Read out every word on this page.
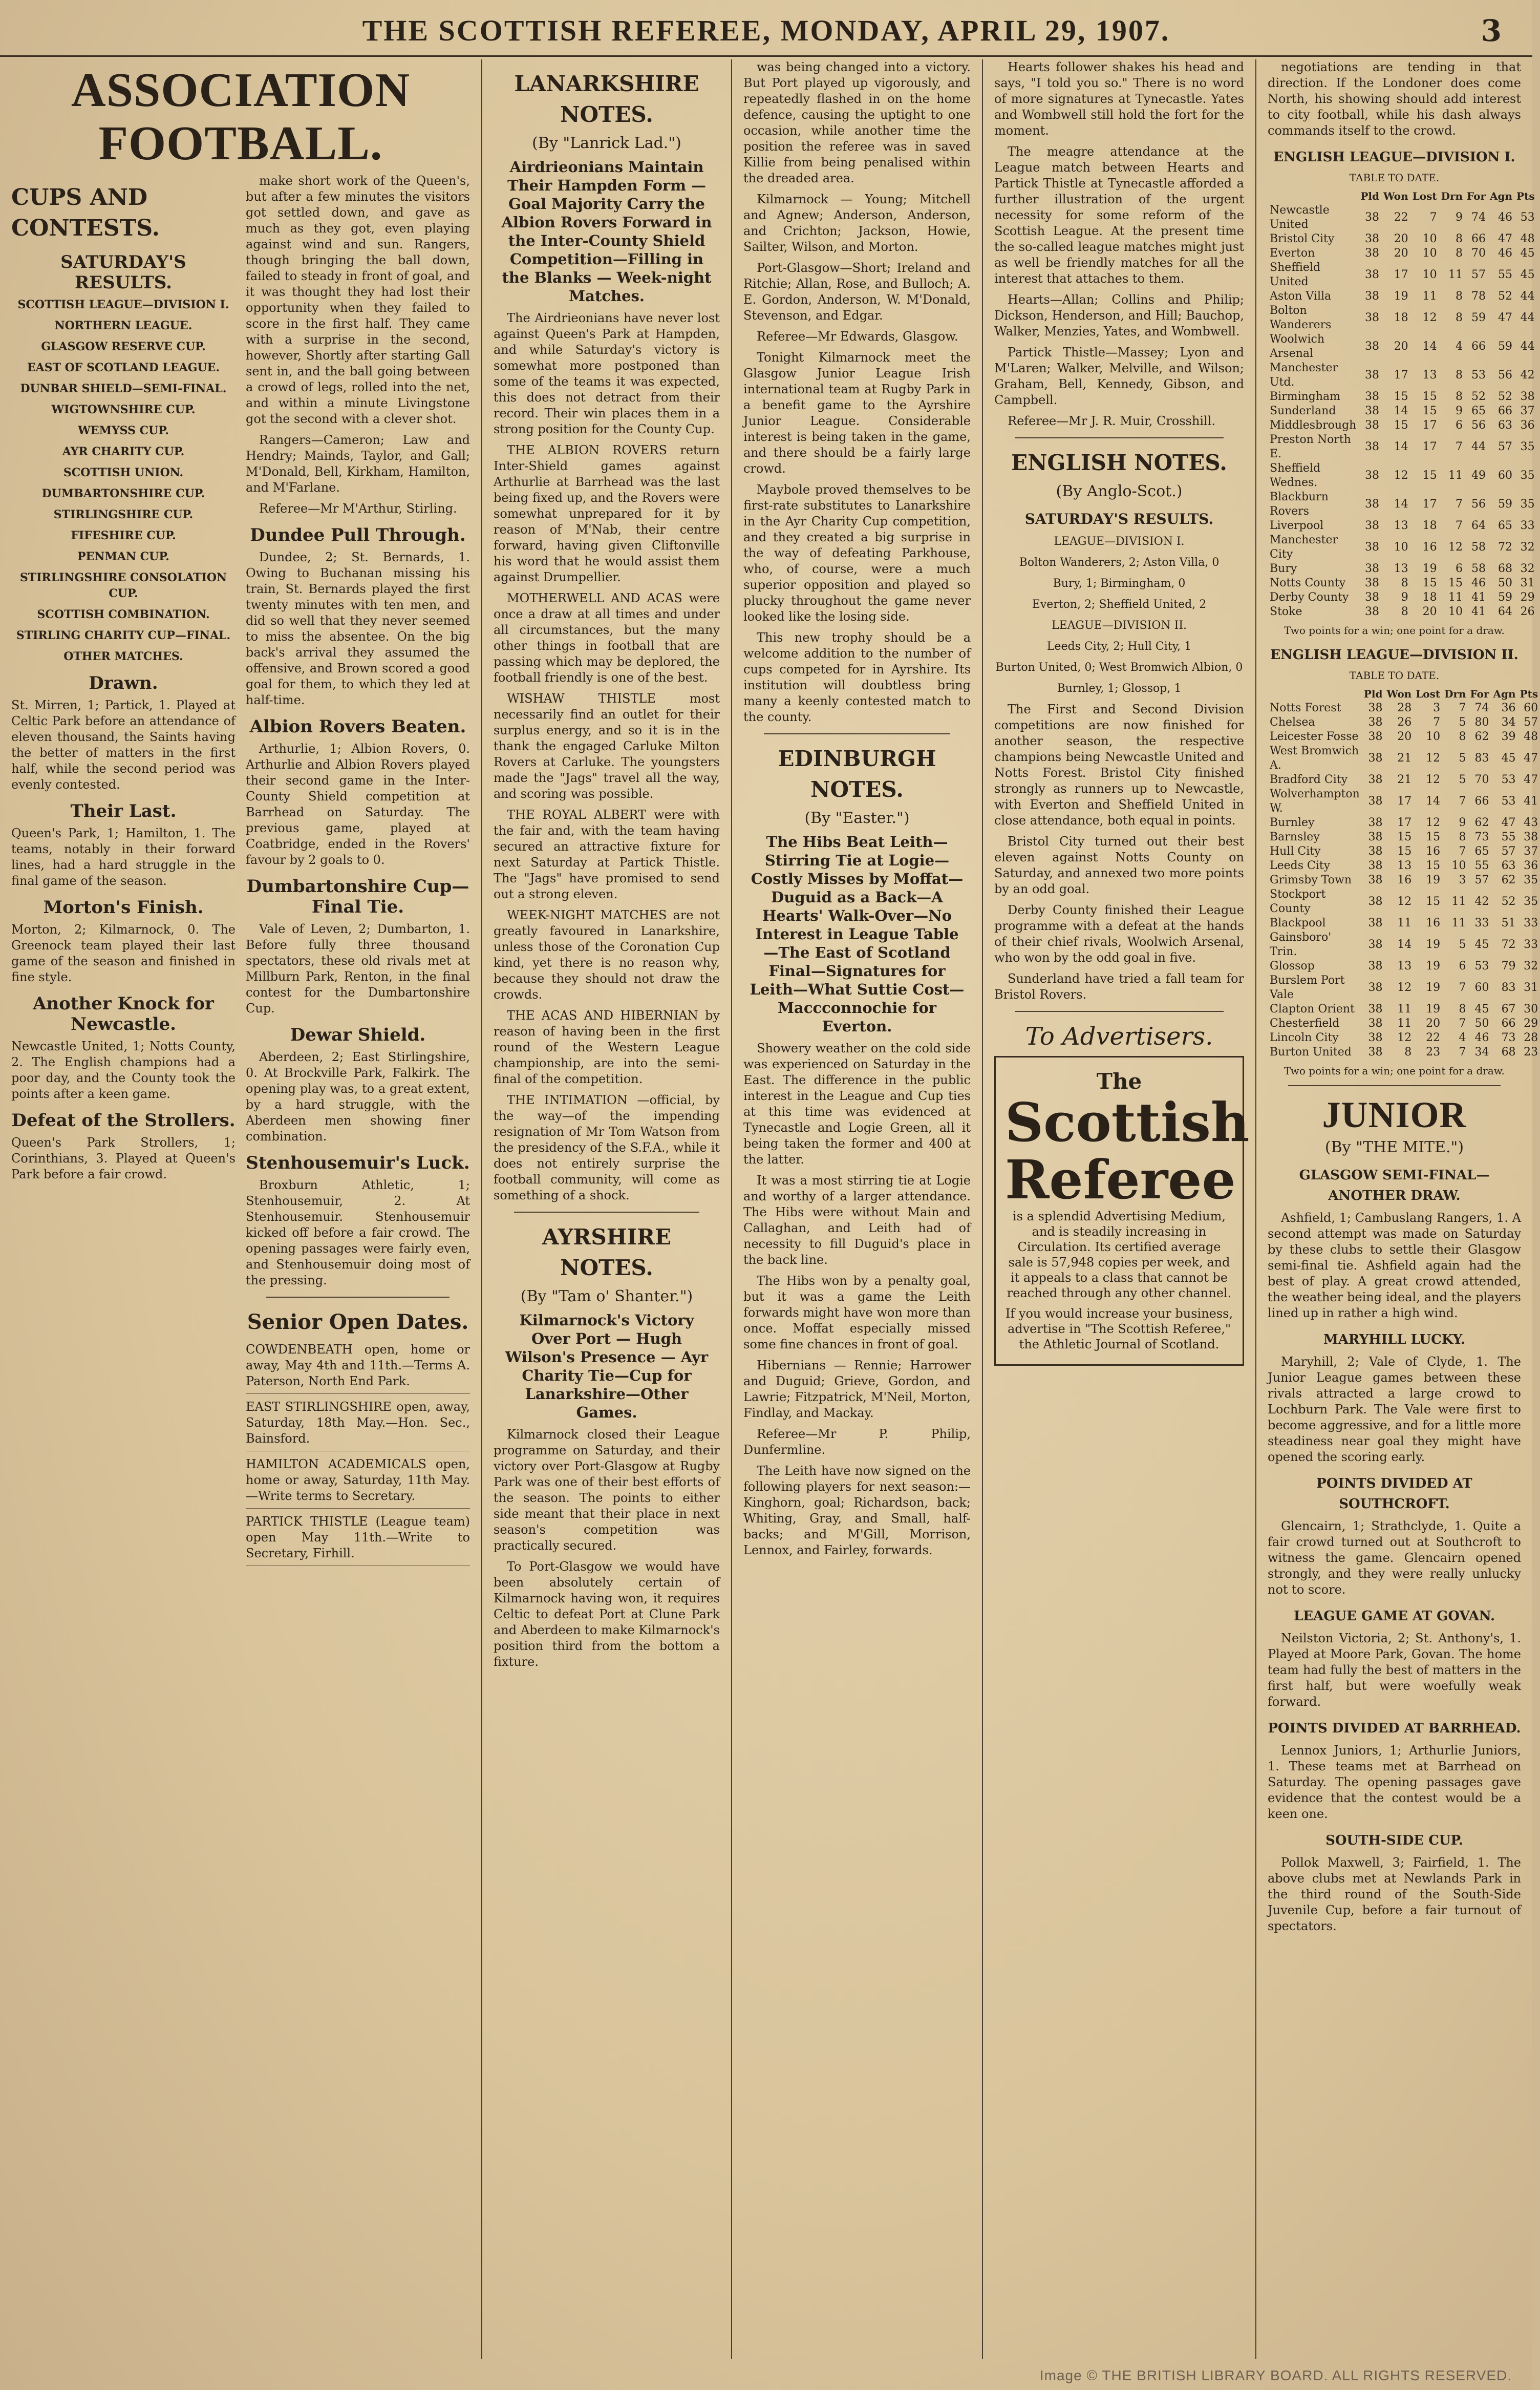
THE SCOTTISH REFEREE, MONDAY, APRIL 29, 1907.	3
ASSOCIATION FOOTBALL.
CUPS AND CONTESTS.
SATURDAY'S RESULTS.

SCOTTISH LEAGUE—DIVISION I.

NORTHERN LEAGUE.

GLASGOW RESERVE CUP.

EAST OF SCOTLAND LEAGUE.

DUNBAR SHIELD—SEMI-FINAL.

WIGTOWNSHIRE CUP.

WEMYSS CUP.

AYR CHARITY CUP.

SCOTTISH UNION.

DUMBARTONSHIRE CUP.

STIRLINGSHIRE CUP.

FIFESHIRE CUP.

PENMAN CUP.

STIRLINGSHIRE CONSOLATION CUP.

SCOTTISH COMBINATION.

STIRLING CHARITY CUP—FINAL.

OTHER MATCHES.

Drawn.

St. Mirren, 1; Partick, 1. Played at Celtic Park before an attendance of eleven thousand, the Saints having the better of matters in the first half, while the second period was evenly contested.

Their Last.

Queen's Park, 1; Hamilton, 1. The teams, notably in their forward lines, had a hard struggle in the final game of the season.

Morton's Finish.

Morton, 2; Kilmarnock, 0. The Greenock team played their last game of the season and finished in fine style.

Another Knock for Newcastle.

Newcastle United, 1; Notts County, 2. The English champions had a poor day, and the County took the points after a keen game.

Defeat of the Strollers.

Queen's Park Strollers, 1; Corinthians, 3. Played at Queen's Park before a fair crowd.

make short work of the Queen's, but after a few minutes the visitors got settled down, and gave as much as they got, even playing against wind and sun. Rangers, though bringing the ball down, failed to steady in front of goal, and it was thought they had lost their opportunity when they failed to score in the first half. They came with a surprise in the second, however, Shortly after starting Gall sent in, and the ball going between a crowd of legs, rolled into the net, and within a minute Livingstone got the second with a clever shot.

Rangers—Cameron; Law and Hendry; Mainds, Taylor, and Gall; M'Donald, Bell, Kirkham, Hamilton, and M'Farlane.

Referee—Mr M'Arthur, Stirling.

Dundee Pull Through.

Dundee, 2; St. Bernards, 1. Owing to Buchanan missing his train, St. Bernards played the first twenty minutes with ten men, and did so well that they never seemed to miss the absentee. On the big back's arrival they assumed the offensive, and Brown scored a good goal for them, to which they led at half-time.

Albion Rovers Beaten.

Arthurlie, 1; Albion Rovers, 0. Arthurlie and Albion Rovers played their second game in the Inter-County Shield competition at Barrhead on Saturday. The previous game, played at Coatbridge, ended in the Rovers' favour by 2 goals to 0.

Dumbartonshire Cup—Final Tie.

Vale of Leven, 2; Dumbarton, 1. Before fully three thousand spectators, these old rivals met at Millburn Park, Renton, in the final contest for the Dumbartonshire Cup.

Dewar Shield.

Aberdeen, 2; East Stirlingshire, 0. At Brockville Park, Falkirk. The opening play was, to a great extent, by a hard struggle, with the Aberdeen men showing finer combination.

Stenhousemuir's Luck.

Broxburn Athletic, 1; Stenhousemuir, 2. At Stenhousemuir. Stenhousemuir kicked off before a fair crowd. The opening passages were fairly even, and Stenhousemuir doing most of the pressing.

Senior Open Dates.

COWDENBEATH open, home or away, May 4th and 11th.—Terms A. Paterson, North End Park.

EAST STIRLINGSHIRE open, away, Saturday, 18th May.—Hon. Sec., Bainsford.

HAMILTON ACADEMICALS open, home or away, Saturday, 11th May.—Write terms to Secretary.

PARTICK THISTLE (League team) open May 11th.—Write to Secretary, Firhill.

LANARKSHIRE NOTES.
(By "Lanrick Lad.")
Airdrieonians Maintain Their Hampden Form — Goal Majority Carry the Albion Rovers Forward in the Inter-County Shield Competition—Filling in the Blanks — Week-night Matches.

The Airdrieonians have never lost against Queen's Park at Hampden, and while Saturday's victory is somewhat more postponed than some of the teams it was expected, this does not detract from their record. Their win places them in a strong position for the County Cup.

THE ALBION ROVERS return Inter-Shield games against Arthurlie at Barrhead was the last being fixed up, and the Rovers were somewhat unprepared for it by reason of M'Nab, their centre forward, having given Cliftonville his word that he would assist them against Drumpellier.

MOTHERWELL AND ACAS were once a draw at all times and under all circumstances, but the many other things in football that are passing which may be deplored, the football friendly is one of the best.

WISHAW THISTLE most necessarily find an outlet for their surplus energy, and so it is in the thank the engaged Carluke Milton Rovers at Carluke. The youngsters made the "Jags" travel all the way, and scoring was possible.

THE ROYAL ALBERT were with the fair and, with the team having secured an attractive fixture for next Saturday at Partick Thistle. The "Jags" have promised to send out a strong eleven.

WEEK-NIGHT MATCHES are not greatly favoured in Lanarkshire, unless those of the Coronation Cup kind, yet there is no reason why, because they should not draw the crowds.

THE ACAS AND HIBERNIAN by reason of having been in the first round of the Western League championship, are into the semi-final of the competition.

THE INTIMATION —official, by the way—of the impending resignation of Mr Tom Watson from the presidency of the S.F.A., while it does not entirely surprise the football community, will come as something of a shock.

AYRSHIRE NOTES.
(By "Tam o' Shanter.")
Kilmarnock's Victory Over Port — Hugh Wilson's Presence — Ayr Charity Tie—Cup for Lanarkshire—Other Games.

Kilmarnock closed their League programme on Saturday, and their victory over Port-Glasgow at Rugby Park was one of their best efforts of the season. The points to either side meant that their place in next season's competition was practically secured.

To Port-Glasgow we would have been absolutely certain of Kilmarnock having won, it requires Celtic to defeat Port at Clune Park and Aberdeen to make Kilmarnock's position third from the bottom a fixture.

was being changed into a victory. But Port played up vigorously, and repeatedly flashed in on the home defence, causing the uptight to one occasion, while another time the position the referee was in saved Killie from being penalised within the dreaded area.

Kilmarnock — Young; Mitchell and Agnew; Anderson, Anderson, and Crichton; Jackson, Howie, Sailter, Wilson, and Morton.

Port-Glasgow—Short; Ireland and Ritchie; Allan, Rose, and Bulloch; A. E. Gordon, Anderson, W. M'Donald, Stevenson, and Edgar.

Referee—Mr Edwards, Glasgow.

Tonight Kilmarnock meet the Glasgow Junior League Irish international team at Rugby Park in a benefit game to the Ayrshire Junior League. Considerable interest is being taken in the game, and there should be a fairly large crowd.

Maybole proved themselves to be first-rate substitutes to Lanarkshire in the Ayr Charity Cup competition, and they created a big surprise in the way of defeating Parkhouse, who, of course, were a much superior opposition and played so plucky throughout the game never looked like the losing side.

This new trophy should be a welcome addition to the number of cups competed for in Ayrshire. Its institution will doubtless bring many a keenly contested match to the county.

EDINBURGH NOTES.
(By "Easter.")
The Hibs Beat Leith—Stirring Tie at Logie—Costly Misses by Moffat—Duguid as a Back—A Hearts' Walk-Over—No Interest in League Table —The East of Scotland Final—Signatures for Leith—What Suttie Cost—Maccconnochie for Everton.

Showery weather on the cold side was experienced on Saturday in the East. The difference in the public interest in the League and Cup ties at this time was evidenced at Tynecastle and Logie Green, all it being taken the former and 400 at the latter.

It was a most stirring tie at Logie and worthy of a larger attendance. The Hibs were without Main and Callaghan, and Leith had of necessity to fill Duguid's place in the back line.

The Hibs won by a penalty goal, but it was a game the Leith forwards might have won more than once. Moffat especially missed some fine chances in front of goal.

Hibernians — Rennie; Harrower and Duguid; Grieve, Gordon, and Lawrie; Fitzpatrick, M'Neil, Morton, Findlay, and Mackay.

Referee—Mr P. Philip, Dunfermline.

The Leith have now signed on the following players for next season:—Kinghorn, goal; Richardson, back; Whiting, Gray, and Small, half-backs; and M'Gill, Morrison, Lennox, and Fairley, forwards.

Hearts follower shakes his head and says, "I told you so." There is no word of more signatures at Tynecastle. Yates and Wombwell still hold the fort for the moment.

The meagre attendance at the League match between Hearts and Partick Thistle at Tynecastle afforded a further illustration of the urgent necessity for some reform of the Scottish League. At the present time the so-called league matches might just as well be friendly matches for all the interest that attaches to them.

Hearts—Allan; Collins and Philip; Dickson, Henderson, and Hill; Bauchop, Walker, Menzies, Yates, and Wombwell.

Partick Thistle—Massey; Lyon and M'Laren; Walker, Melville, and Wilson; Graham, Bell, Kennedy, Gibson, and Campbell.

Referee—Mr J. R. Muir, Crosshill.

ENGLISH NOTES.
(By Anglo-Scot.)
SATURDAY'S RESULTS.

LEAGUE—DIVISION I.

Bolton Wanderers, 2; Aston Villa, 0

Bury, 1; Birmingham, 0

Everton, 2; Sheffield United, 2

LEAGUE—DIVISION II.

Leeds City, 2; Hull City, 1

Burton United, 0; West Bromwich Albion, 0

Burnley, 1; Glossop, 1

The First and Second Division competitions are now finished for another season, the respective champions being Newcastle United and Notts Forest. Bristol City finished strongly as runners up to Newcastle, with Everton and Sheffield United in close attendance, both equal in points.

Bristol City turned out their best eleven against Notts County on Saturday, and annexed two more points by an odd goal.

Derby County finished their League programme with a defeat at the hands of their chief rivals, Woolwich Arsenal, who won by the odd goal in five.

Sunderland have tried a fall team for Bristol Rovers.

To Advertisers.
The
Scottish
Referee

is a splendid Advertising Medium, and is steadily increasing in Circulation. Its certified average sale is 57,948 copies per week, and it appeals to a class that cannot be reached through any other channel.

If you would increase your business, advertise in "The Scottish Referee," the Athletic Journal of Scotland.

negotiations are tending in that direction. If the Londoner does come North, his showing should add interest to city football, while his dash always commands itself to the crowd.

ENGLISH LEAGUE—DIVISION I.
TABLE TO DATE.
	Pld	Won	Lost	Drn	For	Agn	Pts
Newcastle United	38	22	7	9	74	46	53
Bristol City	38	20	10	8	66	47	48
Everton	38	20	10	8	70	46	45
Sheffield United	38	17	10	11	57	55	45
Aston Villa	38	19	11	8	78	52	44
Bolton Wanderers	38	18	12	8	59	47	44
Woolwich Arsenal	38	20	14	4	66	59	44
Manchester Utd.	38	17	13	8	53	56	42
Birmingham	38	15	15	8	52	52	38
Sunderland	38	14	15	9	65	66	37
Middlesbrough	38	15	17	6	56	63	36
Preston North E.	38	14	17	7	44	57	35
Sheffield Wednes.	38	12	15	11	49	60	35
Blackburn Rovers	38	14	17	7	56	59	35
Liverpool	38	13	18	7	64	65	33
Manchester City	38	10	16	12	58	72	32
Bury	38	13	19	6	58	68	32
Notts County	38	8	15	15	46	50	31
Derby County	38	9	18	11	41	59	29
Stoke	38	8	20	10	41	64	26
Two points for a win; one point for a draw.
ENGLISH LEAGUE—DIVISION II.
TABLE TO DATE.
	Pld	Won	Lost	Drn	For	Agn	Pts
Notts Forest	38	28	3	7	74	36	60
Chelsea	38	26	7	5	80	34	57
Leicester Fosse	38	20	10	8	62	39	48
West Bromwich A.	38	21	12	5	83	45	47
Bradford City	38	21	12	5	70	53	47
Wolverhampton W.	38	17	14	7	66	53	41
Burnley	38	17	12	9	62	47	43
Barnsley	38	15	15	8	73	55	38
Hull City	38	15	16	7	65	57	37
Leeds City	38	13	15	10	55	63	36
Grimsby Town	38	16	19	3	57	62	35
Stockport County	38	12	15	11	42	52	35
Blackpool	38	11	16	11	33	51	33
Gainsboro' Trin.	38	14	19	5	45	72	33
Glossop	38	13	19	6	53	79	32
Burslem Port Vale	38	12	19	7	60	83	31
Clapton Orient	38	11	19	8	45	67	30
Chesterfield	38	11	20	7	50	66	29
Lincoln City	38	12	22	4	46	73	28
Burton United	38	8	23	7	34	68	23
Two points for a win; one point for a draw.
JUNIOR
(By "THE MITE.")
GLASGOW SEMI-FINAL—ANOTHER DRAW.

Ashfield, 1; Cambuslang Rangers, 1. A second attempt was made on Saturday by these clubs to settle their Glasgow semi-final tie. Ashfield again had the best of play. A great crowd attended, the weather being ideal, and the players lined up in rather a high wind.

MARYHILL LUCKY.

Maryhill, 2; Vale of Clyde, 1. The Junior League games between these rivals attracted a large crowd to Lochburn Park. The Vale were first to become aggressive, and for a little more steadiness near goal they might have opened the scoring early.

POINTS DIVIDED AT SOUTHCROFT.

Glencairn, 1; Strathclyde, 1. Quite a fair crowd turned out at Southcroft to witness the game. Glencairn opened strongly, and they were really unlucky not to score.

LEAGUE GAME AT GOVAN.

Neilston Victoria, 2; St. Anthony's, 1. Played at Moore Park, Govan. The home team had fully the best of matters in the first half, but were woefully weak forward.

POINTS DIVIDED AT BARRHEAD.

Lennox Juniors, 1; Arthurlie Juniors, 1. These teams met at Barrhead on Saturday. The opening passages gave evidence that the contest would be a keen one.

SOUTH-SIDE CUP.

Pollok Maxwell, 3; Fairfield, 1. The above clubs met at Newlands Park in the third round of the South-Side Juvenile Cup, before a fair turnout of spectators.

Image © THE BRITISH LIBRARY BOARD. ALL RIGHTS RESERVED.
